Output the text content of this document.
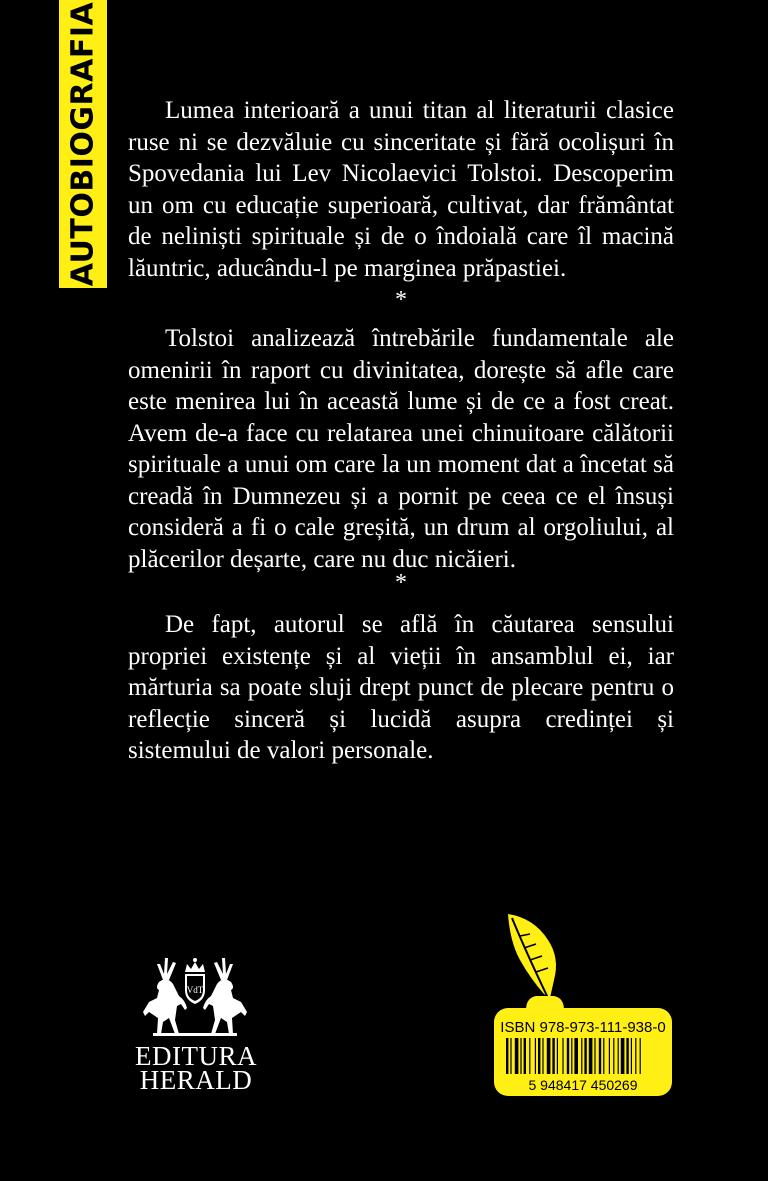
AUTOBIOGRAFIA	Lumea interioară a unui titan al literaturii clasice ruse ni se dezvăluie cu sinceritate și fără ocolișuri în Spovedania lui Lev Nicolaevici Tolstoi. Descoperim un om cu educație superioară, cultivat, dar frământat de neliniști spirituale și de o îndoială care îl macină lăuntric, aducându-l pe marginea prăpastiei.

*

Tolstoi analizează întrebările fundamentale ale omenirii în raport cu divinitatea, dorește să afle care este menirea lui în această lume și de ce a fost creat. Avem de-a face cu relatarea unei chinuitoare călătorii spirituale a unui om care la un moment dat a încetat să creadă în Dumnezeu și a pornit pe ceea ce el însuși consideră a fi o cale greșită, un drum al orgoliului, al plăcerilor deșarte, care nu duc nicăieri.

*

De fapt, autorul se află în căutarea sensului propriei existențe și al vieții în ansamblul ei, iar mărturia sa poate sluji drept punct de plecare pentru o reflecție sinceră și lucidă asupra credinței și sistemului de valori personale.

VdT
EDITURA
HERALD
ISBN 978-973-111-938-0
5 948417 450269
